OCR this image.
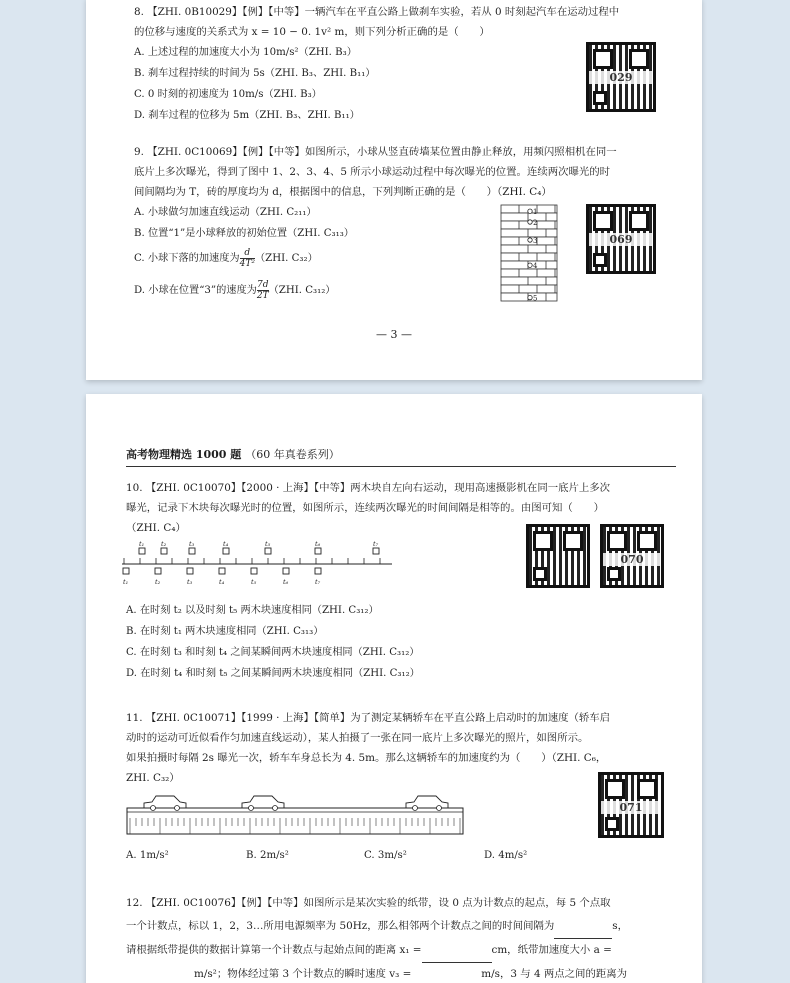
8. 【ZHI. 0B10029】【例】【中等】一辆汽车在平直公路上做刹车实验，若从 0 时刻起汽车在运动过程中
的位移与速度的关系式为 x = 10 − 0. 1v² m，则下列分析正确的是（　　）
A. 上述过程的加速度大小为 10m/s²（ZHI. B₃）
B. 刹车过程持续的时间为 5s（ZHI. B₃、ZHI. B₁₁）
C. 0 时刻的初速度为 10m/s（ZHI. B₃）
D. 刹车过程的位移为 5m（ZHI. B₃、ZHI. B₁₁）
029
9. 【ZHI. 0C10069】【例】【中等】如图所示，小球从竖直砖墙某位置由静止释放，用频闪照相机在同一
底片上多次曝光，得到了图中 1、2、3、4、5 所示小球运动过程中每次曝光的位置。连续两次曝光的时
间间隔均为 T，砖的厚度均为 d，根据图中的信息，下列判断正确的是（　　）（ZHI. C₄）
A. 小球做匀加速直线运动（ZHI. C₂₁₁）
B. 位置“1”是小球释放的初始位置（ZHI. C₃₁₃）
C. 小球下落的加速度为 $\frac{d}{\text{4T²}} (ZHI$. C₃₂）
D. 小球在位置“3”的速度为 $\frac{7d}{2T} (ZHI$. C₃₁₂）
1
2
3
4
5
069
— 3 —
高考物理精选 1000 题 （60 年真卷系列）
10. 【ZHI. 0C10070】【2000 · 上海】【中等】两木块自左向右运动，现用高速摄影机在同一底片上多次
曝光，记录下木块每次曝光时的位置，如图所示，连续两次曝光的时间间隔是相等的。由图可知（　　）
（ZHI. C₄）
t₁	t₂	t₃	t₄	t₅	t₆	t₇
t₁	t₂	t₃	t₄	t₅	t₆	t₇
070
A. 在时刻 t₂ 以及时刻 t₅ 两木块速度相同（ZHI. C₃₁₂）
B. 在时刻 t₁ 两木块速度相同（ZHI. C₃₁₃）
C. 在时刻 t₃ 和时刻 t₄ 之间某瞬间两木块速度相同（ZHI. C₃₁₂）
D. 在时刻 t₄ 和时刻 t₅ 之间某瞬间两木块速度相同（ZHI. C₃₁₂）
11. 【ZHI. 0C10071】【1999 · 上海】【简单】为了测定某辆轿车在平直公路上启动时的加速度（轿车启
动时的运动可近似看作匀加速直线运动），某人拍摄了一张在同一底片上多次曝光的照片，如图所示。
如果拍摄时每隔 2s 曝光一次，轿车车身总长为 4. 5m。那么这辆轿车的加速度约为（　　）（ZHI. C₆，
ZHI. C₃₂）
071
A. 1m/s²	B. 2m/s²	C. 3m/s²	D. 4m/s²
12. 【ZHI. 0C10076】【例】【中等】如图所示是某次实验的纸带，设 0 点为计数点的起点，每 5 个点取
一个计数点，标以 1，2，3…所用电源频率为 50Hz，那么相邻两个计数点之间的时间间隔为	s，
请根据纸带提供的数据计算第一个计数点与起始点间的距离 x₁ =	cm，纸带加速度大小 a =
m/s²；物体经过第 3 个计数点的瞬时速度 v₃ =	m/s，3 与 4 两点之间的距离为
